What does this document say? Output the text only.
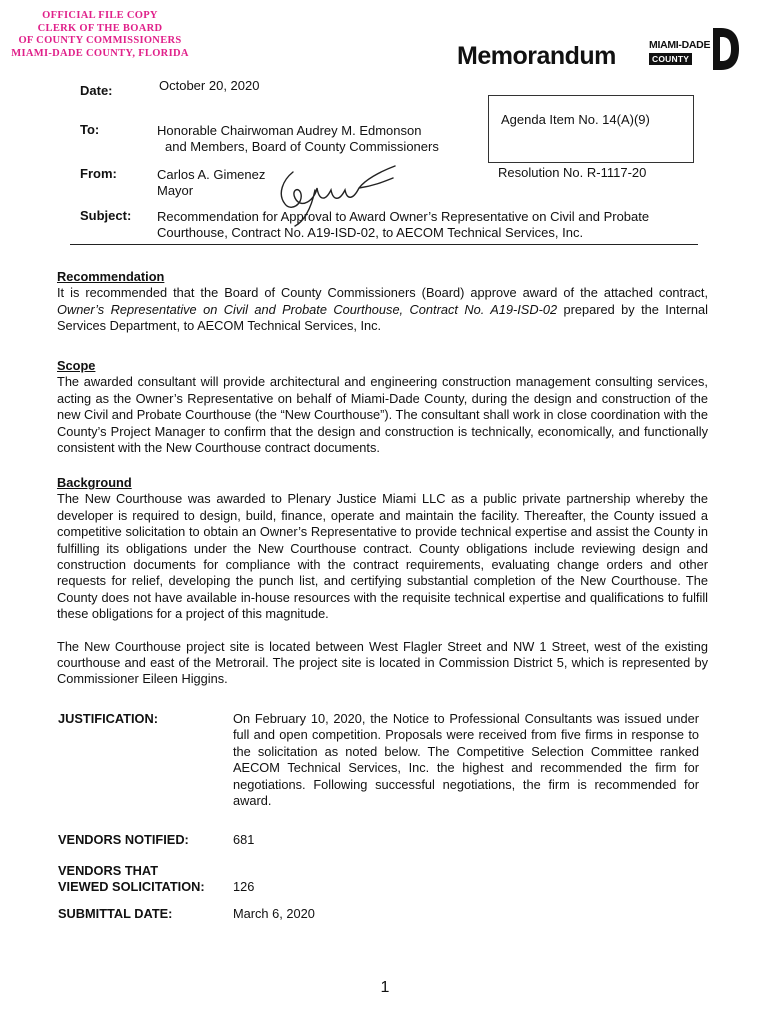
OFFICIAL FILE COPY
CLERK OF THE BOARD
OF COUNTY COMMISSIONERS
MIAMI-DADE COUNTY, FLORIDA	Memorandum	MIAMI-DADE
COUNTY
Date:	October 20, 2020
To:	Honorable Chairwoman Audrey M. Edmonson
and Members, Board of County Commissioners
From:	Carlos A. Gimenez
Mayor
Subject: Recommendation for Approval to Award Owner’s Representative on Civil and Probate
Courthouse, Contract No. A19-ISD-02, to AECOM Technical Services, Inc.
Agenda Item No. 14(A)(9)
Resolution No. R-1117-20
Recommendation

It is recommended that the Board of County Commissioners (Board) approve award of the attached contract, Owner’s Representative on Civil and Probate Courthouse, Contract No. A19-ISD-02 prepared by the Internal Services Department, to AECOM Technical Services, Inc.

Scope

The awarded consultant will provide architectural and engineering construction management consulting services, acting as the Owner’s Representative on behalf of Miami-Dade County, during the design and construction of the new Civil and Probate Courthouse (the “New Courthouse”). The consultant shall work in close coordination with the County’s Project Manager to confirm that the design and construction is technically, economically, and functionally consistent with the New Courthouse contract documents.

Background

The New Courthouse was awarded to Plenary Justice Miami LLC as a public private partnership whereby the developer is required to design, build, finance, operate and maintain the facility. Thereafter, the County issued a competitive solicitation to obtain an Owner’s Representative to provide technical expertise and assist the County in fulfilling its obligations under the New Courthouse contract. County obligations include reviewing design and construction documents for compliance with the contract requirements, evaluating change orders and other requests for relief, developing the punch list, and certifying substantial completion of the New Courthouse. The County does not have available in-house resources with the requisite technical expertise and qualifications to fulfill these obligations for a project of this magnitude.

The New Courthouse project site is located between West Flagler Street and NW 1 Street, west of the existing courthouse and east of the Metrorail. The project site is located in Commission District 5, which is represented by Commissioner Eileen Higgins.

JUSTIFICATION:	On February 10, 2020, the Notice to Professional Consultants was issued under full and open competition. Proposals were received from five firms in response to the solicitation as noted below. The Competitive Selection Committee ranked AECOM Technical Services, Inc. the highest and recommended the firm for negotiations. Following successful negotiations, the firm is recommended for award.
VENDORS NOTIFIED:	681
VENDORS THAT
VIEWED SOLICITATION: 126
SUBMITTAL DATE:	March 6, 2020
1
